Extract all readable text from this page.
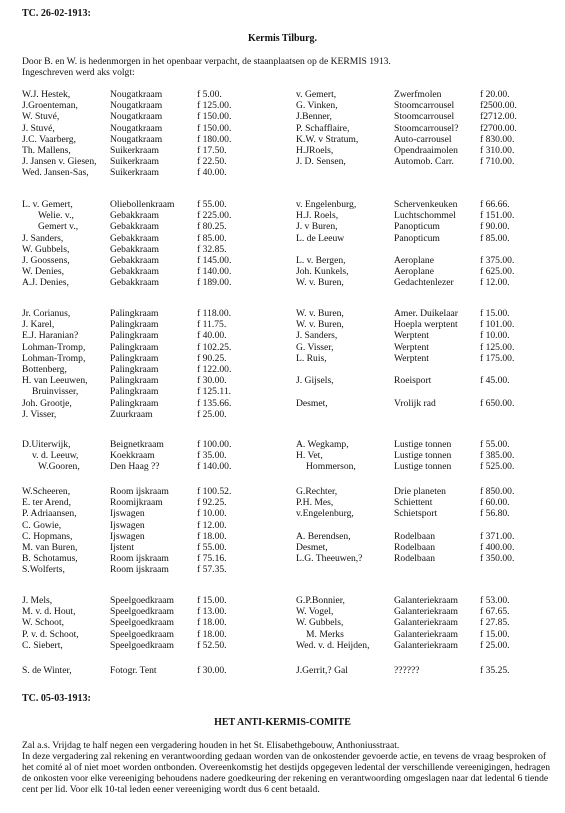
TC. 26-02-1913:
Kermis Tilburg.
Door B. en W. is hedenmorgen in het openbaar verpacht, de staanplaatsen op de KERMIS 1913.
Ingeschreven werd aks volgt:
W.J. Hestek,	Nougatkraam	f 5.00.	v. Gemert,	Zwerfmolen	f 20.00.
J.Groenteman,	Nougatkraam	f 125.00.	G. Vinken,	Stoomcarrousel	f2500.00.
W. Stuvé,	Nougatkraam	f 150.00.	J.Benner,	Stoomcarrousel	f2712.00.
J. Stuvé,	Nougatkraam	f 150.00.	P. Schafflaire,	Stoomcarrousel? f2700.00.
J.C. Vaarberg,	Nougatkraam	f 180.00.	K.W. v Stratum,	Auto-carrousel	f 830.00.
Th. Mallens,	Suikerkraam	f 17.50.	H.JRoels,	Opendraaimolen f 310.00.
J. Jansen v. Giesen, Suikerkraam	f 22.50.	J. D. Sensen,	Automob. Carr.	f 710.00.
Wed. Jansen-Sas, Suikerkraam	f 40.00.
L. v. Gemert,	Oliebollenkraam f 55.00.	v. Engelenburg,	Schervenkeuken f 66.66.
Welie. v.,	Gebakkraam	f 225.00.	H.J. Roels,	Luchtschommel	f 151.00.
Gemert v.,	Gebakkraam	f 80.25.	J. v Buren,	Panopticum	f 90.00.
J. Sanders,	Gebakkraam	f 85.00.	L. de Leeuw	Panopticum	f 85.00.
W. Gubbels,	Gebakkraam	f 32.85.
J. Goossens,	Gebakkraam	f 145.00.	L. v. Bergen,	Aeroplane	f 375.00.
W. Denies,	Gebakkraam	f 140.00.	Joh. Kunkels,	Aeroplane	f 625.00.
A.J. Denies,	Gebakkraam	f 189.00.	W. v. Buren,	Gedachtenlezer	f 12.00.
Jr. Corianus,	Palingkraam	f 118.00.	W. v. Buren,	Amer. Duikelaar f 15.00.
J. Karel,	Palingkraam	f 11.75.	W. v. Buren,	Hoepla werptent f 101.00.
E.J. Haranian?	Palingkraam	f 40.00.	J. Sanders,	Werptent	f 10.00.
Lohman-Tromp,	Palingkraam	f 102.25.	G. Visser,	Werptent	f 125.00.
Lohman-Tromp,	Palingkraam	f 90.25.	L. Ruis,	Werptent	f 175.00.
Bottenberg,	Palingkraam	f 122.00.
H. van Leeuwen, Palingkraam	f 30.00.	J. Gijsels,	Roeisport	f 45.00.
Bruinvisser,	Palingkraam	f 125.11.
Joh. Grootje,	Palingkraam	f 135.66.	Desmet,	Vrolijk rad	f 650.00.
J. Visser,	Zuurkraam	f 25.00.
D.Uiterwijk,	Beignetkraam	f 100.00.	A. Wegkamp,	Lustige tonnen	f 55.00.
v. d. Leeuw,	Koekkraam	f 35.00.	H. Vet,	Lustige tonnen	f 385.00.
W.Gooren,	Den Haag ??	f 140.00.	Hommerson,	Lustige tonnen	f 525.00.
W.Scheeren,	Room ijskraam	f 100.52.	G.Rechter,	Drie planeten	f 850.00.
E. ter Arend,	Roomijkraam	f 92.25.	P.H. Mes,	Schiettent	f 60.00.
P. Adriaansen,	Ijswagen	f 10.00.	v.Engelenburg,	Schietsport	f 56.80.
C. Gowie,	Ijswagen	f 12.00.
C. Hopmans,	Ijswagen	f 18.00.	A. Berendsen,	Rodelbaan	f 371.00.
M. van Buren,	Ijstent	f 55.00.	Desmet,	Rodelbaan	f 400.00.
B. Schotamus,	Room ijskraam	f 75.16.	L.G. Theeuwen,?	Rodelbaan	f 350.00.
S.Wolferts,	Room ijskraam	f 57.35.
J. Mels,	Speelgoedkraam f 15.00.	G.P.Bonnier,	Galanteriekraam f 53.00.
M. v. d. Hout,	Speelgoedkraam f 13.00.	W. Vogel,	Galanteriekraam f 67.65.
W. Schoot,	Speelgoedkraam f 18.00.	W. Gubbels,	Galanteriekraam f 27.85.
P. v. d. Schoot,	Speelgoedkraam f 18.00.	M. Merks	Galanteriekraam f 15.00.
C. Siebert,	Speelgoedkraam f 52.50.	Wed. v. d. Heijden,	Galanteriekraam f 25.00.
S. de Winter,	Fotogr. Tent	f 30.00.	J.Gerrit,? Gal	??????	f 35.25.
TC. 05-03-1913:
HET ANTI-KERMIS-COMITE
Zal a.s. Vrijdag te half negen een vergadering houden in het St. Elisabethgebouw, Anthoniusstraat.
In deze vergadering zal rekening en verantwoording gedaan worden van de onkostender gevoerde actie, en tevens de vraag besproken of het comité al of niet moet worden ontbonden. Overeenkomstig het destijds opgegeven ledental der verschillende vereenigingen, hedragen de onkosten voor elke vereeniging behoudens nadere goedkeuring der rekening en verantwoording omgeslagen naar dat ledental 6 tiende cent per lid. Voor elk 10-tal leden eener vereeniging wordt dus 6 cent betaald.
